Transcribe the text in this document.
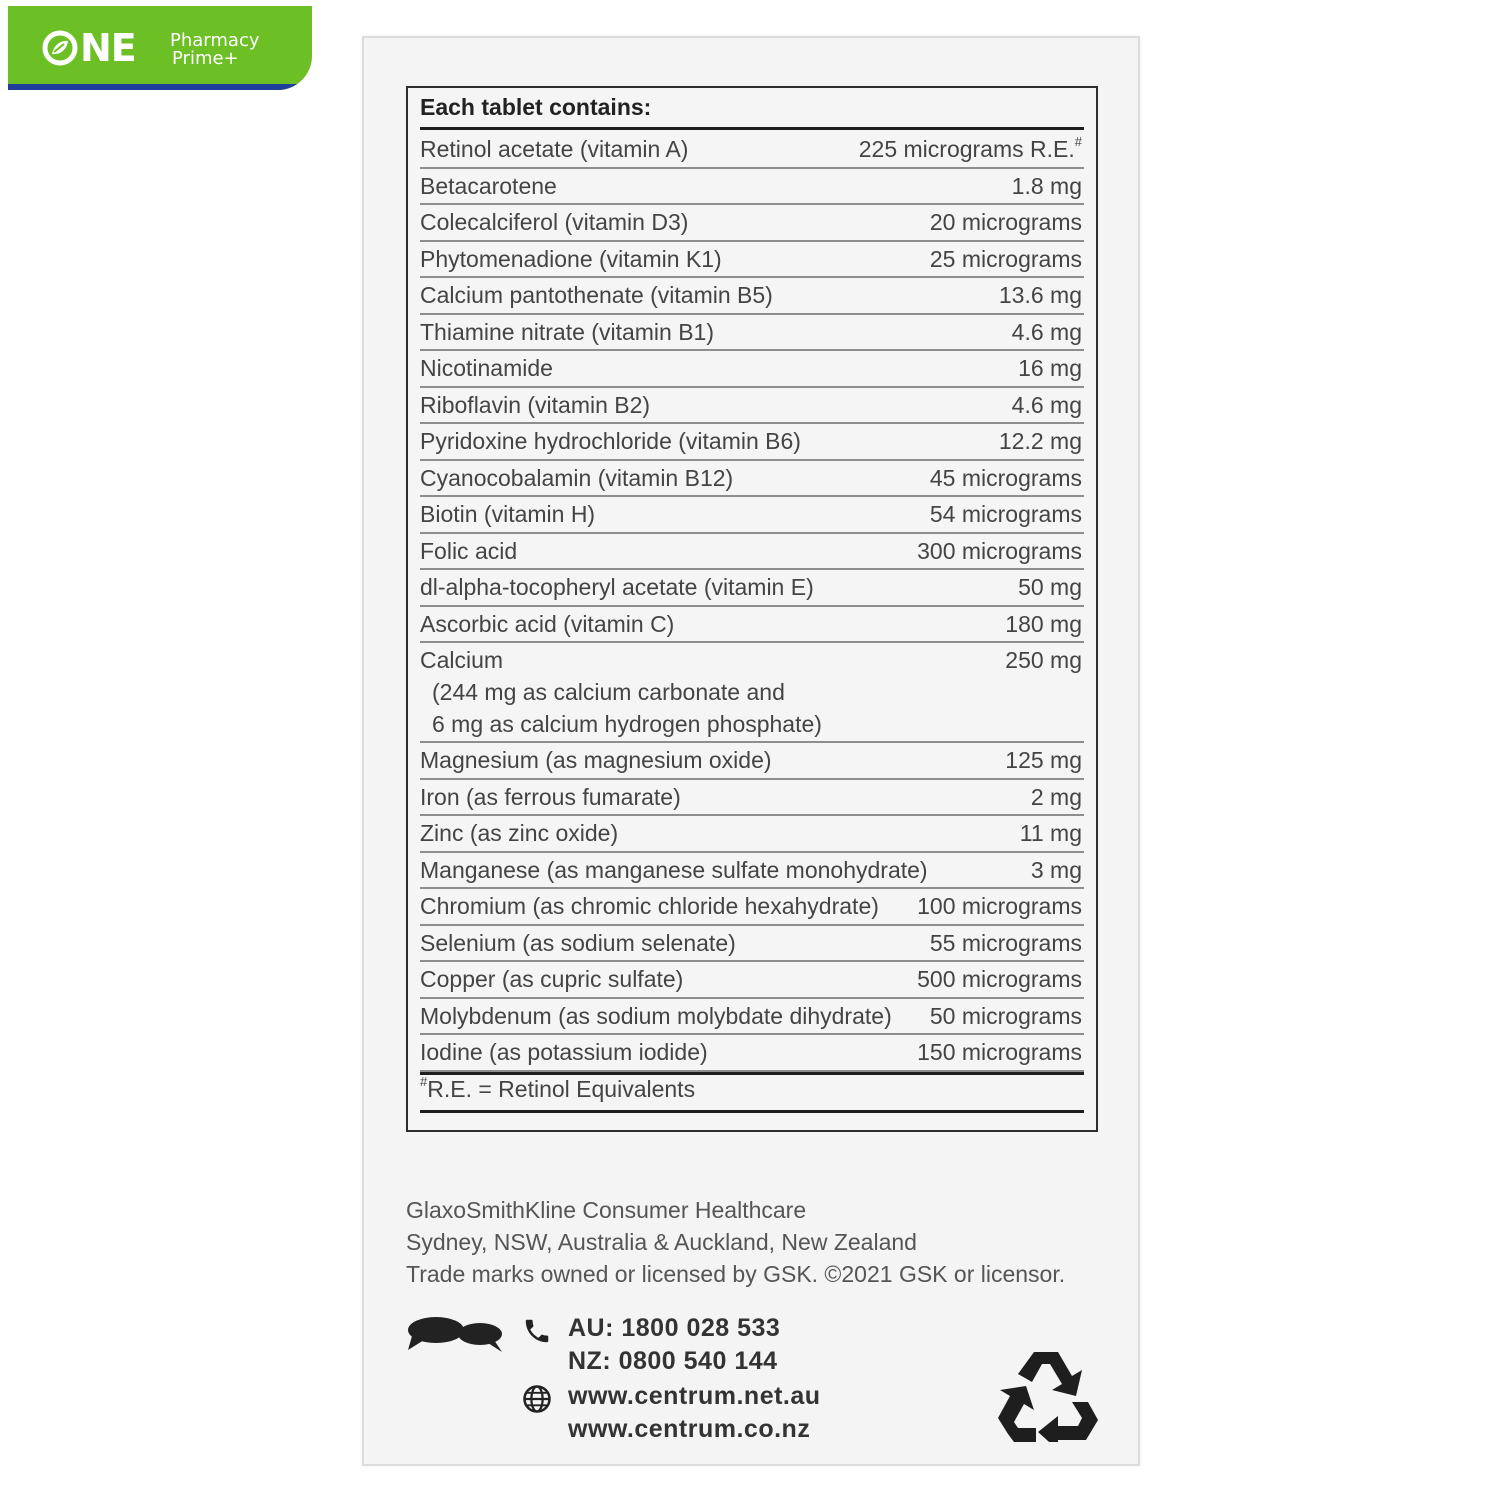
NE Pharmacy
Prime+
Each tablet contains:
Retinol acetate (vitamin A)	225 micrograms R.E.#
Betacarotene	1.8 mg
Colecalciferol (vitamin D3)	20 micrograms
Phytomenadione (vitamin K1)	25 micrograms
Calcium pantothenate (vitamin B5)	13.6 mg
Thiamine nitrate (vitamin B1)	4.6 mg
Nicotinamide	16 mg
Riboflavin (vitamin B2)	4.6 mg
Pyridoxine hydrochloride (vitamin B6)	12.2 mg
Cyanocobalamin (vitamin B12)	45 micrograms
Biotin (vitamin H)	54 micrograms
Folic acid	300 micrograms
dl-alpha-tocopheryl acetate (vitamin E)	50 mg
Ascorbic acid (vitamin C)	180 mg
Calcium	250 mg
(244 mg as calcium carbonate and
6 mg as calcium hydrogen phosphate)
Magnesium (as magnesium oxide)	125 mg
Iron (as ferrous fumarate)	2 mg
Zinc (as zinc oxide)	11 mg
Manganese (as manganese sulfate monohydrate)	3 mg
Chromium (as chromic chloride hexahydrate) 100 micrograms
Selenium (as sodium selenate)	55 micrograms
Copper (as cupric sulfate)	500 micrograms
Molybdenum (as sodium molybdate dihydrate) 50 micrograms
Iodine (as potassium iodide)	150 micrograms
#R.E. = Retinol Equivalents
GlaxoSmithKline Consumer Healthcare
Sydney, NSW, Australia & Auckland, New Zealand
Trade marks owned or licensed by GSK. ©2021 GSK or licensor.
AU: 1800 028 533
NZ: 0800 540 144
www.centrum.net.au
www.centrum.co.nz
